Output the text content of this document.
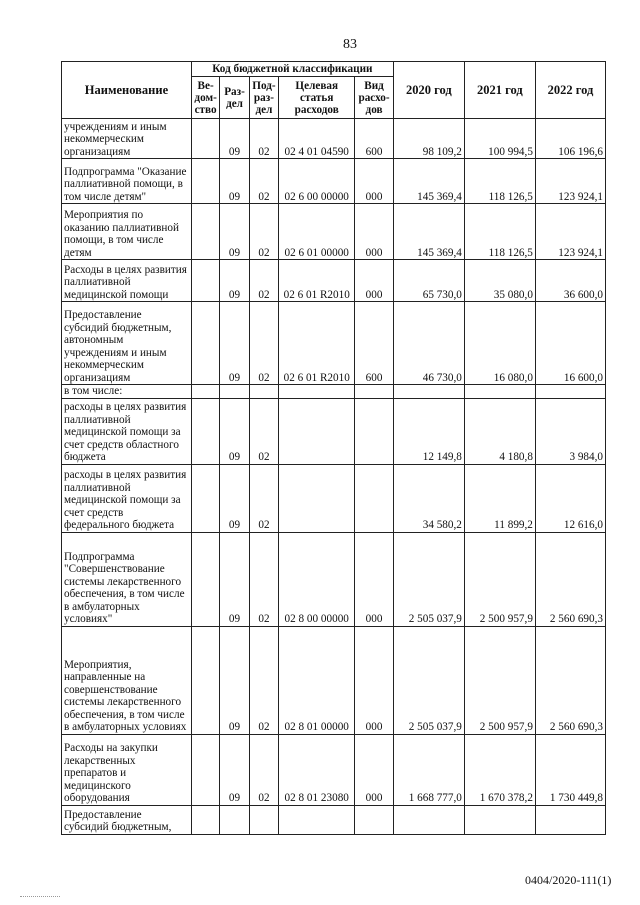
83
Наименование	Код бюджетной классификации					2020 год	2021 год	2022 год
	Ве- дом- ство	Раз- дел	Под- раз- дел	Целевая статья расходов	Вид расхо- дов			
учреждениям и иным некоммерческим организациям		09	02	02 4 01 04590	600	98 109,2	100 994,5	106 196,6
Подпрограмма "Оказание паллиативной помощи, в том числе детям"		09	02	02 6 00 00000	000	145 369,4	118 126,5	123 924,1
Мероприятия по оказанию паллиативной помощи, в том числе детям		09	02	02 6 01 00000	000	145 369,4	118 126,5	123 924,1
Расходы в целях развития паллиативной медицинской помощи		09	02	02 6 01 R2010	000	65 730,0	35 080,0	36 600,0
Предоставление субсидий бюджетным, автономным учреждениям и иным некоммерческим организациям		09	02	02 6 01 R2010	600	46 730,0	16 080,0	16 600,0
в том числе:								
расходы в целях развития паллиативной медицинской помощи за счет средств областного бюджета		09	02			12 149,8	4 180,8	3 984,0
расходы в целях развития паллиативной медицинской помощи за счет средств федерального бюджета		09	02			34 580,2	11 899,2	12 616,0
Подпрограмма "Совершенствование системы лекарственного обеспечения, в том числе в амбулаторных условиях"		09	02	02 8 00 00000	000	2 505 037,9	2 500 957,9	2 560 690,3
Мероприятия, направленные на совершенствование системы лекарственного обеспечения, в том числе в амбулаторных условиях		09	02	02 8 01 00000	000	2 505 037,9	2 500 957,9	2 560 690,3
Расходы на закупки лекарственных препаратов и медицинского оборудования		09	02	02 8 01 23080	000	1 668 777,0	1 670 378,2	1 730 449,8
Предоставление субсидий бюджетным,								
0404/2020-111(1)
